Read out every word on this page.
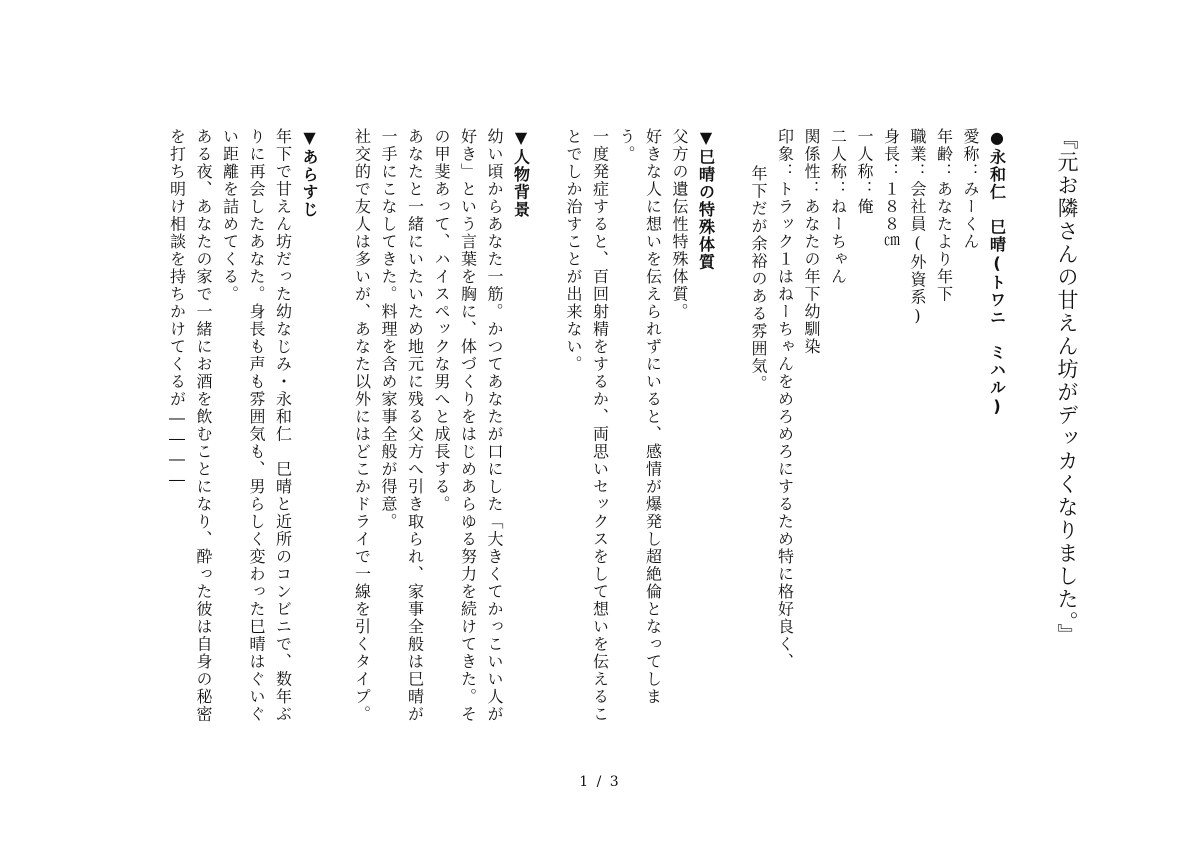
『元お隣さんの甘えん坊がデッカくなりました。』
●永和仁　巳晴(トワニ　ミハル)
愛称：みーくん
年齢：あなたより年下
職業：会社員(外資系)
身長：１８８㎝
一人称：俺
二人称：ねーちゃん
関係性：あなたの年下幼馴染
印象：トラック１はねーちゃんをめろめろにするため特に格好良く、
年下だが余裕のある雰囲気。
▼巳晴の特殊体質
父方の遺伝性特殊体質。
好きな人に想いを伝えられずにいると、感情が爆発し超絶倫となってしま
う。
一度発症すると、百回射精をするか、両思いセックスをして想いを伝えるこ
とでしか治すことが出来ない。
▼人物背景
幼い頃からあなた一筋。かつてあなたが口にした「大きくてかっこいい人が
好き」という言葉を胸に、体づくりをはじめあらゆる努力を続けてきた。そ
の甲斐あって、ハイスペックな男へと成長する。
あなたと一緒にいたいため地元に残る父方へ引き取られ、家事全般は巳晴が
一手にこなしてきた。料理を含め家事全般が得意。
社交的で友人は多いが、あなた以外にはどこかドライで一線を引くタイプ。
▼あらすじ
年下で甘えん坊だった幼なじみ・永和仁　巳晴と近所のコンビニで、数年ぶ
りに再会したあなた。身長も声も雰囲気も、男らしく変わった巳晴はぐいぐ
い距離を詰めてくる。
ある夜、あなたの家で一緒にお酒を飲むことになり、酔った彼は自身の秘密
を打ち明け相談を持ちかけてくるが――――
1 / 3
